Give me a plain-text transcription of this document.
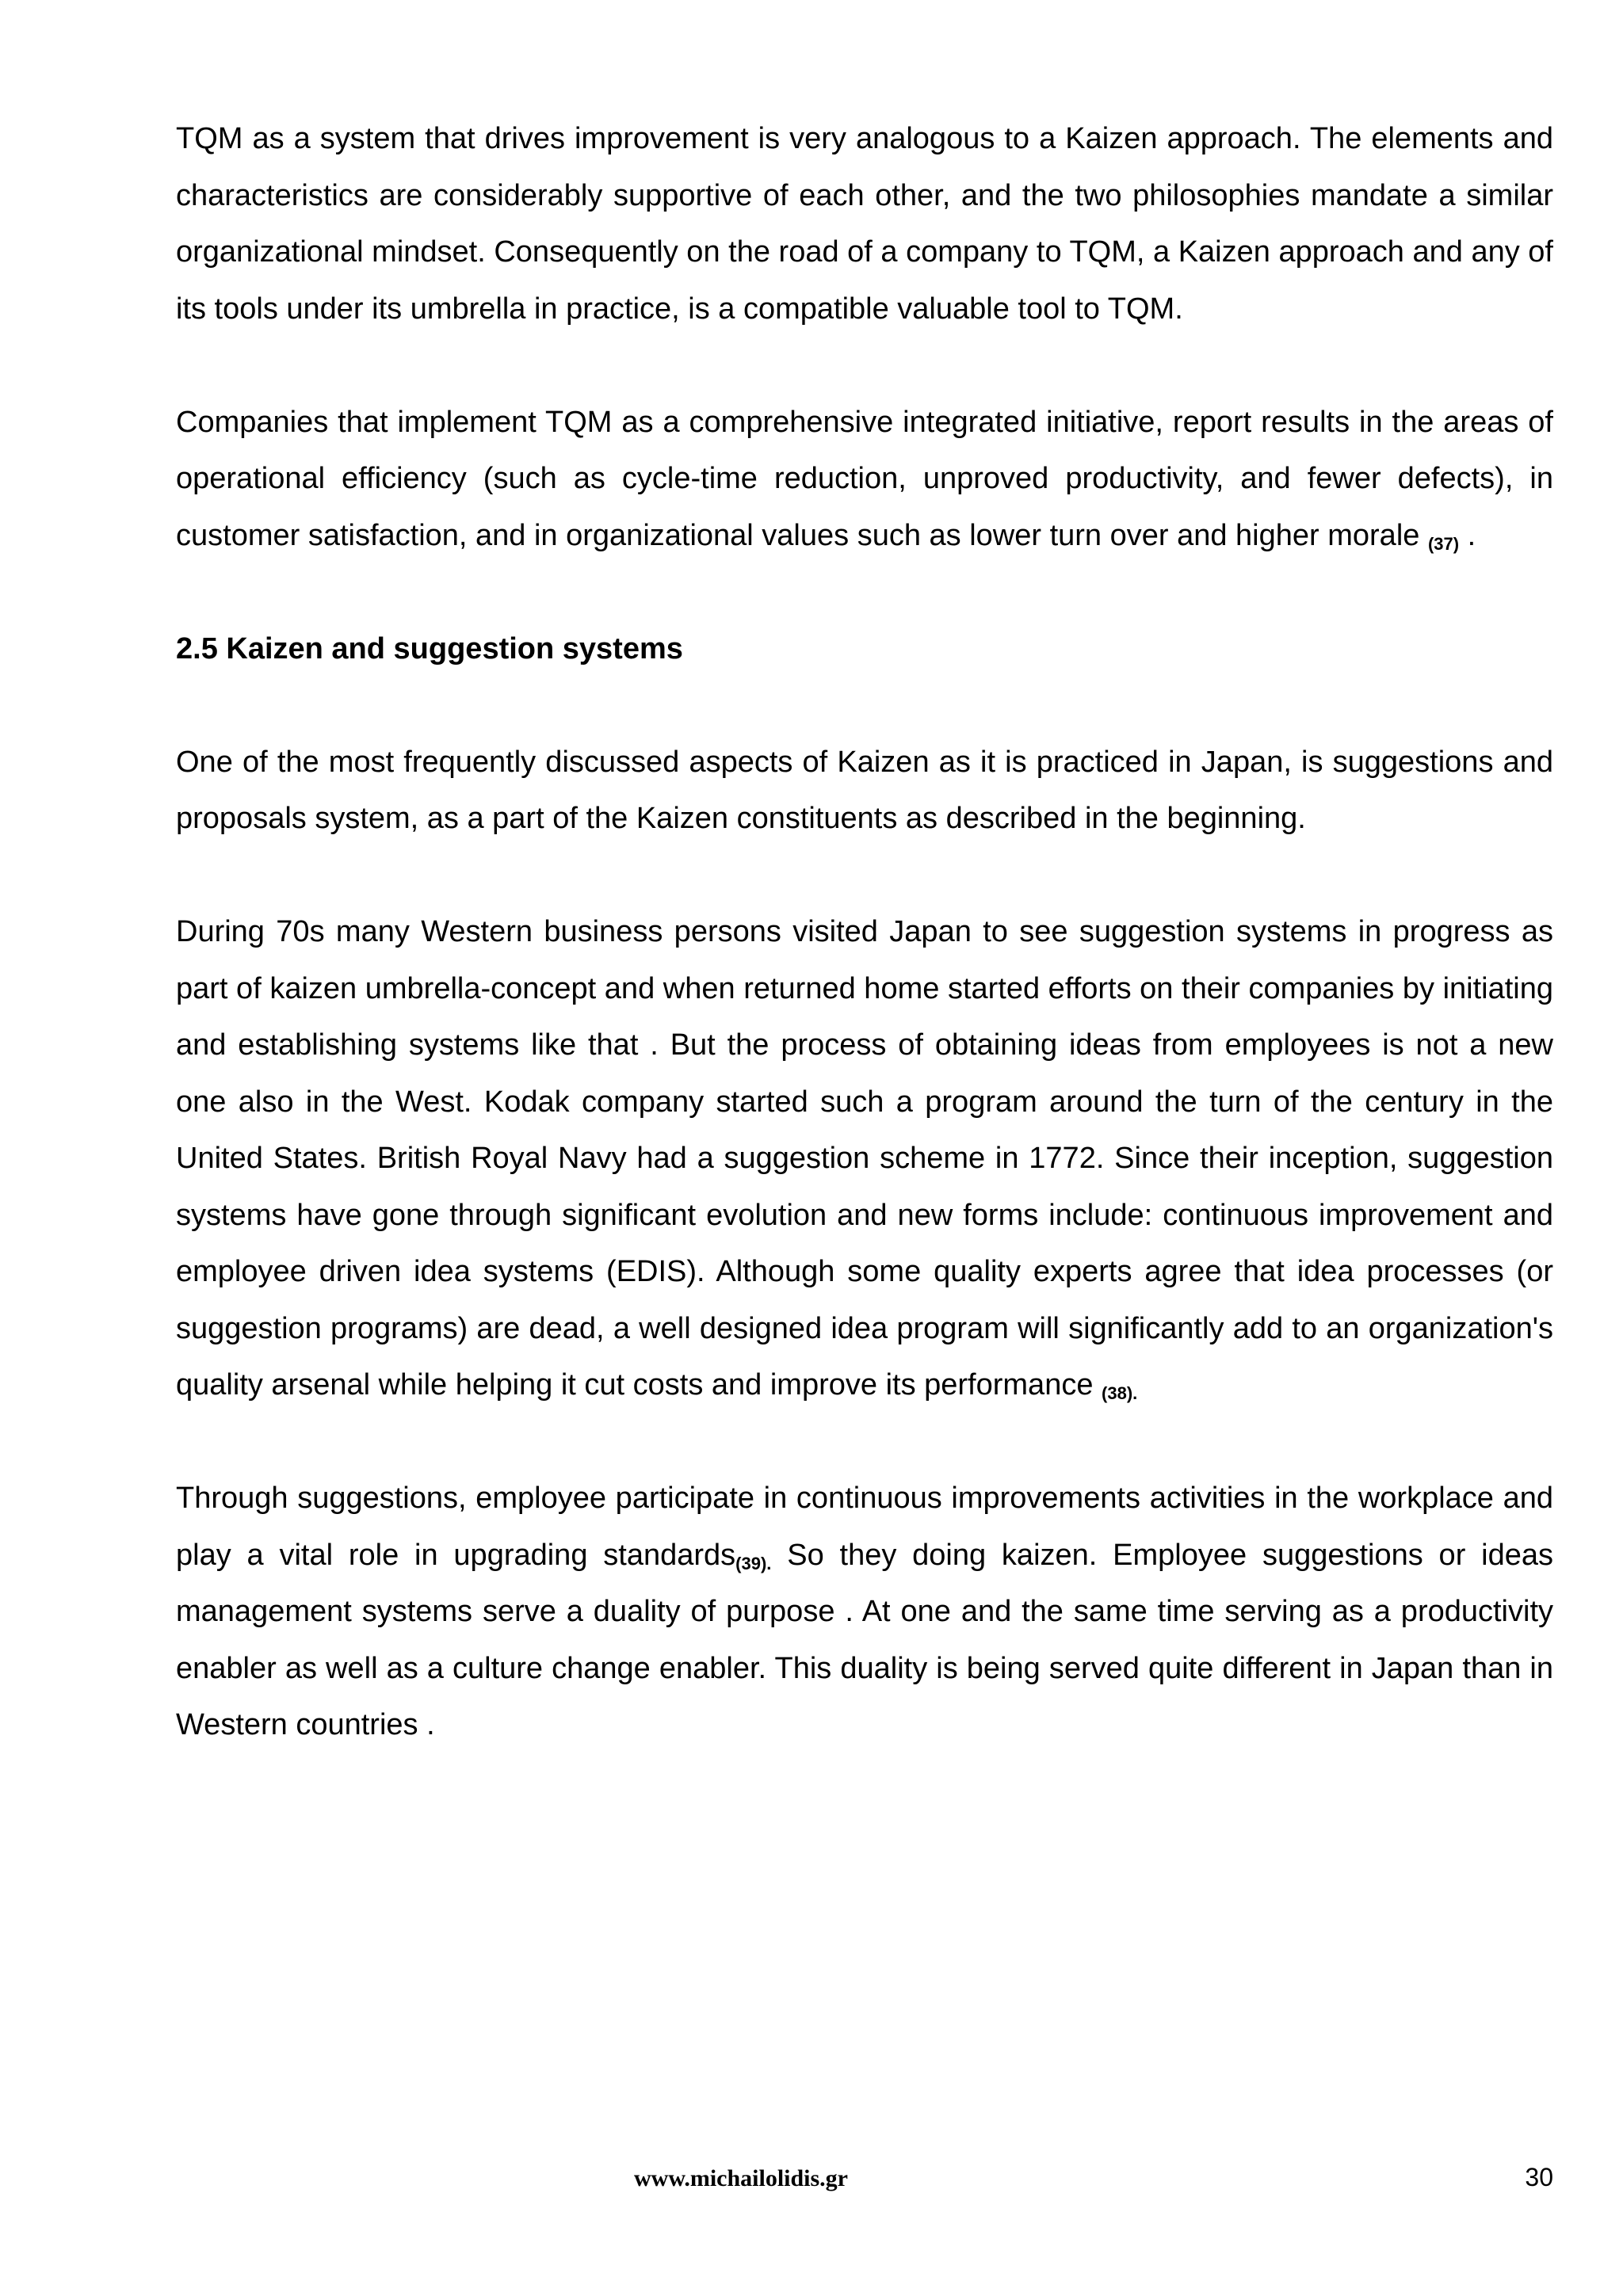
TQM as a system that drives improvement is very analogous to a Kaizen approach. The elements and characteristics are considerably supportive of each other, and the two philosophies mandate a similar organizational mindset. Consequently on the road of a company to TQM, a Kaizen approach and any of its tools under its umbrella in practice, is a compatible valuable tool to TQM.

Companies that implement TQM as a comprehensive integrated initiative, report results in the areas of operational efficiency (such as cycle-time reduction, unproved productivity, and fewer defects), in customer satisfaction, and in organizational values such as lower turn over and higher morale (37) .

2.5 Kaizen and suggestion systems

One of the most frequently discussed aspects of Kaizen as it is practiced in Japan, is suggestions and proposals system, as a part of the Kaizen constituents as described in the beginning.

During 70s many Western business persons visited Japan to see suggestion systems in progress as part of kaizen umbrella-concept and when returned home started efforts on their companies by initiating and establishing systems like that . But the process of obtaining ideas from employees is not a new one also in the West. Kodak company started such a program around the turn of the century in the United States. British Royal Navy had a suggestion scheme in 1772. Since their inception, suggestion systems have gone through significant evolution and new forms include: continuous improvement and employee driven idea systems (EDIS). Although some quality experts agree that idea processes (or suggestion programs) are dead, a well designed idea program will significantly add to an organization's quality arsenal while helping it cut costs and improve its performance (38).

Through suggestions, employee participate in continuous improvements activities in the workplace and play a vital role in upgrading standards(39). So they doing kaizen. Employee suggestions or ideas management systems serve a duality of purpose . At one and the same time serving as a productivity enabler as well as a culture change enabler. This duality is being served quite different in Japan than in Western countries .

www.michailolidis.gr	30
